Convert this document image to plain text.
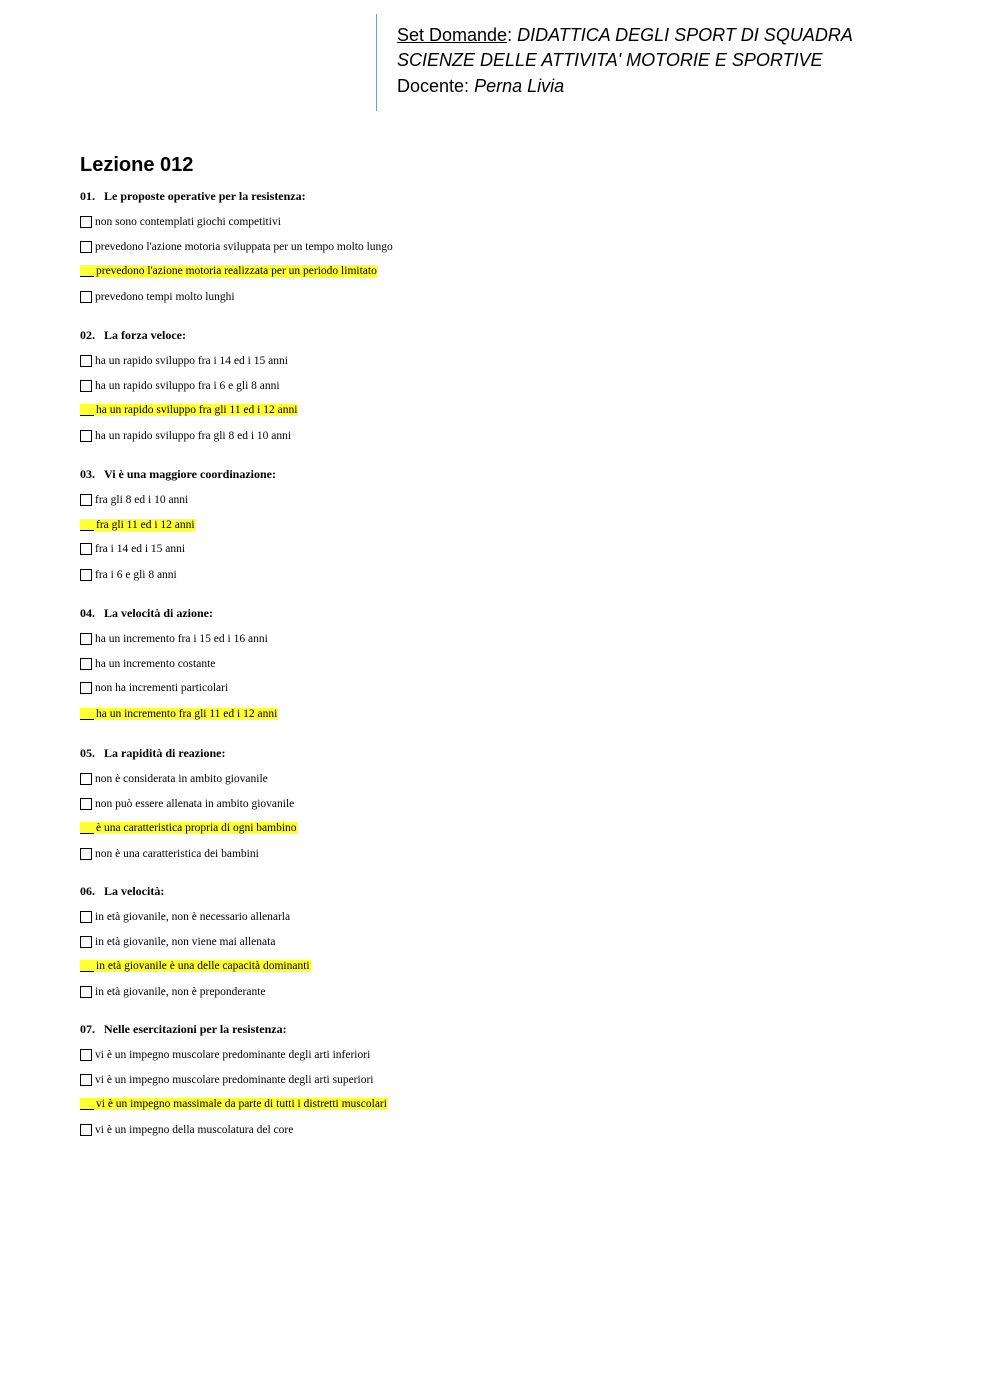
Set Domande: DIDATTICA DEGLI SPORT DI SQUADRA
SCIENZE DELLE ATTIVITA' MOTORIE E SPORTIVE
Docente: Perna Livia
Lezione 012
01. Le proposte operative per la resistenza:
non sono contemplati giochi competitivi
prevedono l'azione motoria sviluppata per un tempo molto lungo
prevedono l'azione motoria realizzata per un periodo limitato
prevedono tempi molto lunghi
02. La forza veloce:
ha un rapido sviluppo fra i 14 ed i 15 anni
ha un rapido sviluppo fra i 6 e gli 8 anni
ha un rapido sviluppo fra gli 11 ed i 12 anni
ha un rapido sviluppo fra gli 8 ed i 10 anni
03. Vi è una maggiore coordinazione:
fra gli 8 ed i 10 anni
fra gli 11 ed i 12 anni
fra i 14 ed i 15 anni
fra i 6 e gli 8 anni
04. La velocità di azione:
ha un incremento fra i 15 ed i 16 anni
ha un incremento costante
non ha incrementi particolari
ha un incremento fra gli 11 ed i 12 anni
05. La rapidità di reazione:
non è considerata in ambito giovanile
non può essere allenata in ambito giovanile
è una caratteristica propria di ogni bambino
non è una caratteristica dei bambini
06. La velocità:
in età giovanile, non è necessario allenarla
in età giovanile, non viene mai allenata
in età giovanile è una delle capacità dominanti
in età giovanile, non è preponderante
07. Nelle esercitazioni per la resistenza:
vi è un impegno muscolare predominante degli arti inferiori
vi è un impegno muscolare predominante degli arti superiori
vi è un impegno massimale da parte di tutti i distretti muscolari
vi è un impegno della muscolatura del core
